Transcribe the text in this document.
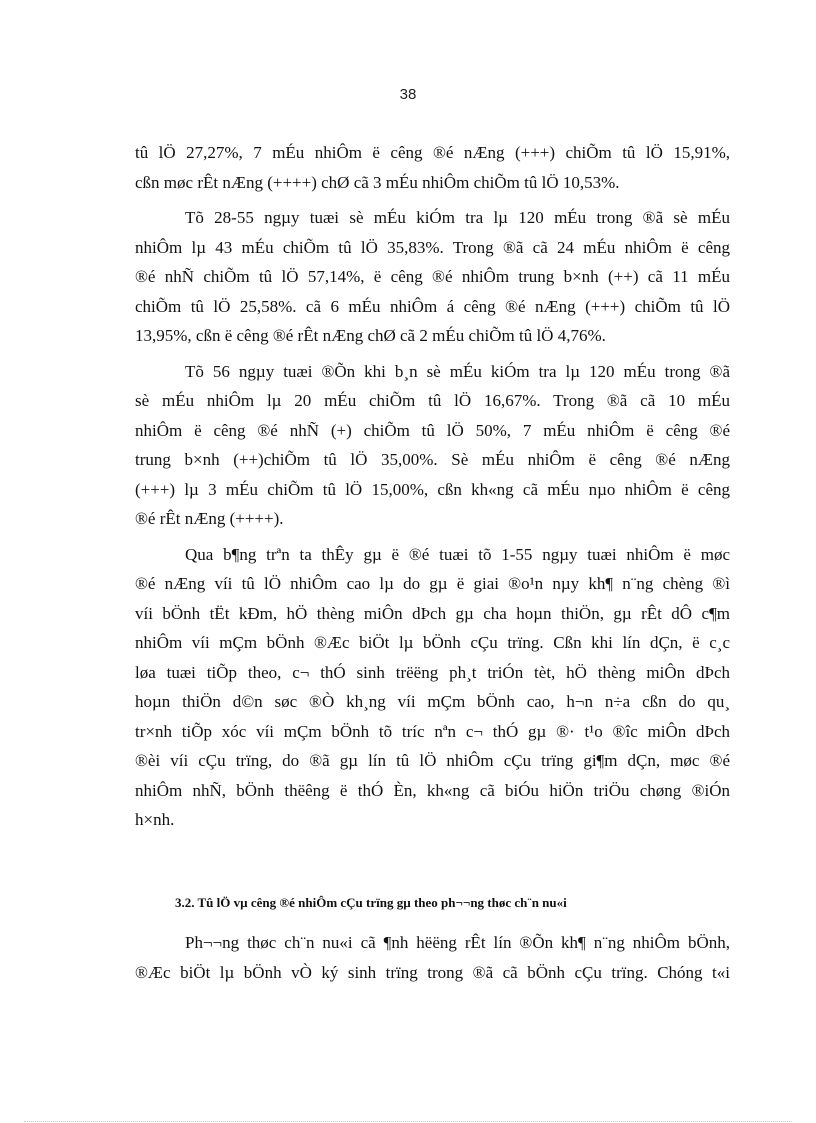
38

tû lÖ 27,27%, 7 mÉu nhiÔm ë cêng ®é nÆng (+++) chiÕm tû lÖ 15,91%,
cßn møc rÊt nÆng (++++) chØ cã 3 mÉu nhiÔm chiÕm tû lÖ 10,53%.

Tõ 28-55 ngµy tuæi sè mÉu kiÓm tra lµ 120 mÉu trong ®ã sè mÉu
nhiÔm lµ 43 mÉu chiÕm tû lÖ 35,83%. Trong ®ã cã 24 mÉu nhiÔm ë cêng
®é nhÑ chiÕm tû lÖ 57,14%, ë cêng ®é nhiÔm trung b×nh (++) cã 11 mÉu
chiÕm tû lÖ 25,58%. cã 6 mÉu nhiÔm á cêng ®é nÆng (+++) chiÕm tû lÖ
13,95%, cßn ë cêng ®é rÊt nÆng chØ cã 2 mÉu chiÕm tû lÖ 4,76%.

Tõ 56 ngµy tuæi ®Õn khi b¸n sè mÉu kiÓm tra lµ 120 mÉu trong ®ã
sè mÉu nhiÔm lµ 20 mÉu chiÕm tû lÖ 16,67%. Trong ®ã cã 10 mÉu
nhiÔm ë cêng ®é nhÑ (+) chiÕm tû lÖ 50%, 7 mÉu nhiÔm ë cêng ®é
trung b×nh (++)chiÕm tû lÖ 35,00%. Sè mÉu nhiÔm ë cêng ®é nÆng
(+++) lµ 3 mÉu chiÕm tû lÖ 15,00%, cßn kh«ng cã mÉu nµo nhiÔm ë cêng
®é rÊt nÆng (++++).

Qua b¶ng trªn ta thÊy gµ ë ®é tuæi tõ 1-55 ngµy tuæi nhiÔm ë møc
®é nÆng víi tû lÖ nhiÔm cao lµ do gµ ë giai ®o¹n nµy kh¶ n¨ng chèng ®ì
víi bÖnh tËt kÐm, hÖ thèng miÔn dÞch gµ cha hoµn thiÖn, gµ rÊt dÔ c¶m
nhiÔm víi mÇm bÖnh ®Æc biÖt lµ bÖnh cÇu trïng. Cßn khi lín dÇn, ë c¸c
løa tuæi tiÕp theo, c¬ thÓ sinh trëëng ph¸t triÓn tèt, hÖ thèng miÔn dÞch
hoµn thiÖn d©n søc ®Ò kh¸ng víi mÇm bÖnh cao, h¬n n÷a cßn do qu¸
tr×nh tiÕp xóc víi mÇm bÖnh tõ tríc nªn c¬ thÓ gµ ®· t¹o ®îc miÔn dÞch
®èi víi cÇu trïng, do ®ã gµ lín tû lÖ nhiÔm cÇu trïng gi¶m dÇn, møc ®é
nhiÔm nhÑ, bÖnh thëêng ë thÓ Èn, kh«ng cã biÓu hiÖn triÖu chøng ®iÓn
h×nh.

3.2. Tû lÖ vµ cêng ®é nhiÔm cÇu trïng gµ theo ph¬¬ng thøc ch¨n nu«i

Ph¬¬ng thøc ch¨n nu«i cã ¶nh hëëng rÊt lín ®Õn kh¶ n¨ng nhiÔm bÖnh,
®Æc biÖt lµ bÖnh vÒ ký sinh trïng trong ®ã cã bÖnh cÇu trïng. Chóng t«i
